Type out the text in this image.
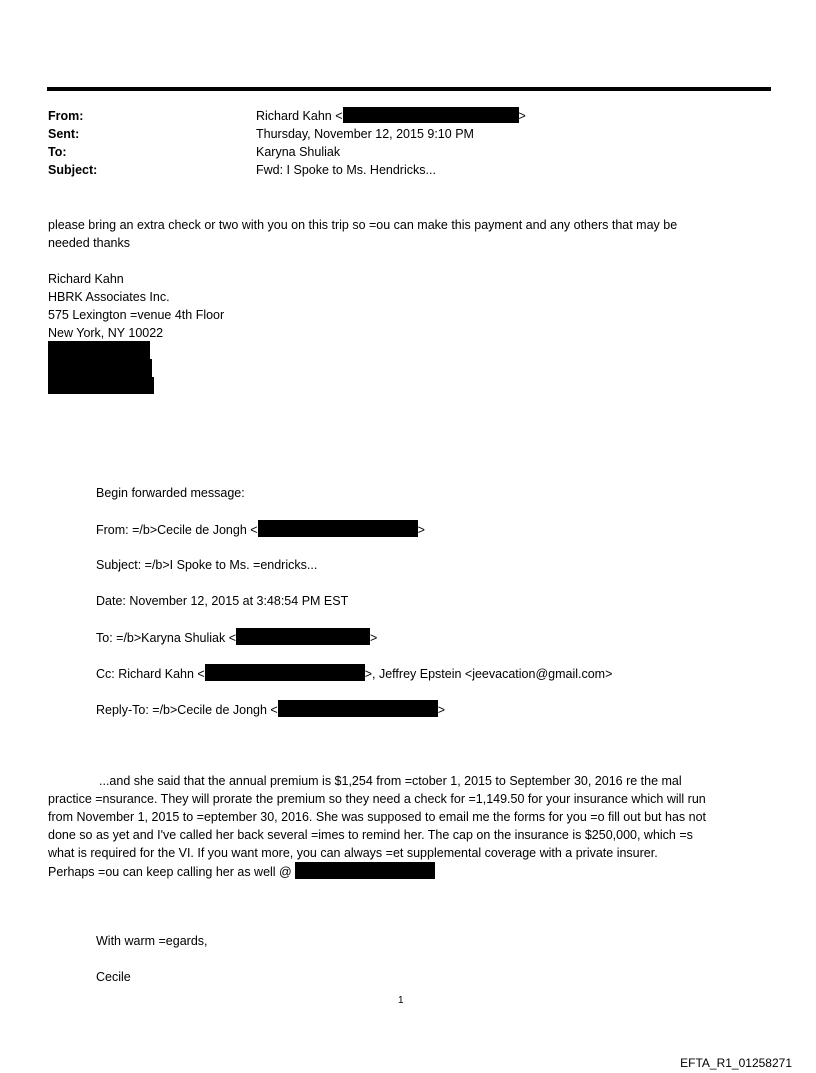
From:	Richard Kahn <	>
Sent:	Thursday, November 12, 2015 9:10 PM
To:	Karyna Shuliak
Subject:	Fwd: I Spoke to Ms. Hendricks...
please bring an extra check or two with you on this trip so =ou can make this payment and any others that may be
needed thanks
Richard Kahn
HBRK Associates Inc.
575 Lexington =venue 4th Floor
New York, NY 10022
Begin forwarded message:
From: =/b>Cecile de Jongh <	>
Subject: =/b>I Spoke to Ms. =endricks...
Date: November 12, 2015 at 3:48:54 PM EST
To: =/b>Karyna Shuliak <	>
Cc: Richard Kahn <	>, Jeffrey Epstein <jeevacation@gmail.com>
Reply-To: =/b>Cecile de Jongh <	>
...and she said that the annual premium is $1,254 from =ctober 1, 2015 to September 30, 2016 re the mal
practice =nsurance. They will prorate the premium so they need a check for =1,149.50 for your insurance which will run
from November 1, 2015 to =eptember 30, 2016. She was supposed to email me the forms for you =o fill out but has not
done so as yet and I've called her back several =imes to remind her. The cap on the insurance is $250,000, which =s
what is required for the VI. If you want more, you can always =et supplemental coverage with a private insurer.
Perhaps =ou can keep calling her as well @
With warm =egards,
Cecile
1
EFTA_R1_01258271
